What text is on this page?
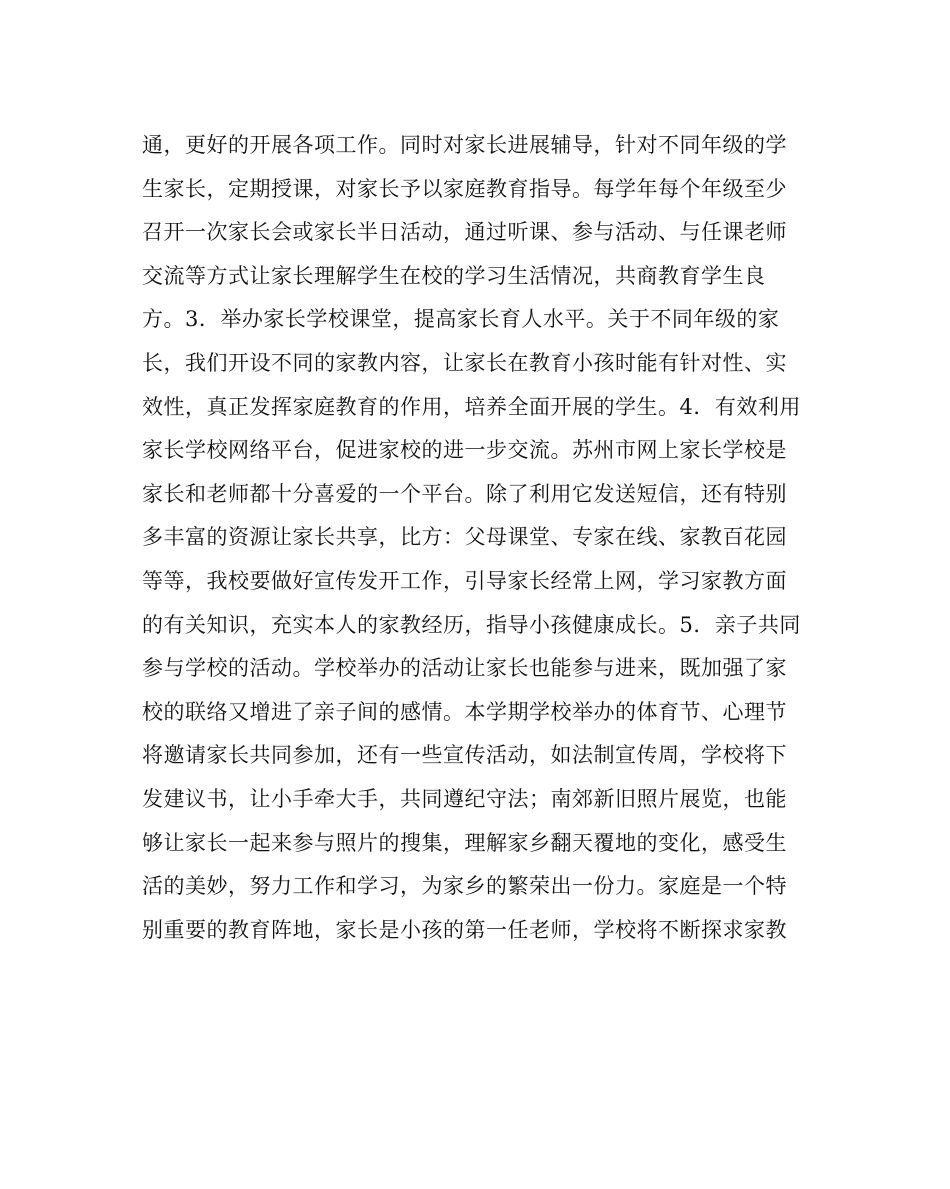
通，更好的开展各项工作。同时对家长进展辅导，针对不同年级的学
生家长，定期授课，对家长予以家庭教育指导。每学年每个年级至少
召开一次家长会或家长半日活动，通过听课、参与活动、与任课老师
交流等方式让家长理解学生在校的学习生活情况，共商教育学生良
方。3．举办家长学校课堂，提高家长育人水平。关于不同年级的家
长，我们开设不同的家教内容，让家长在教育小孩时能有针对性、实
效性，真正发挥家庭教育的作用，培养全面开展的学生。4．有效利用
家长学校网络平台，促进家校的进一步交流。苏州市网上家长学校是
家长和老师都十分喜爱的一个平台。除了利用它发送短信，还有特别
多丰富的资源让家长共享，比方：父母课堂、专家在线、家教百花园
等等，我校要做好宣传发开工作，引导家长经常上网，学习家教方面
的有关知识，充实本人的家教经历，指导小孩健康成长。5．亲子共同
参与学校的活动。学校举办的活动让家长也能参与进来，既加强了家
校的联络又增进了亲子间的感情。本学期学校举办的体育节、心理节
将邀请家长共同参加，还有一些宣传活动，如法制宣传周，学校将下
发建议书，让小手牵大手，共同遵纪守法；南郊新旧照片展览，也能
够让家长一起来参与照片的搜集，理解家乡翻天覆地的变化，感受生
活的美妙，努力工作和学习，为家乡的繁荣出一份力。家庭是一个特
别重要的教育阵地，家长是小孩的第一任老师，学校将不断探求家教
